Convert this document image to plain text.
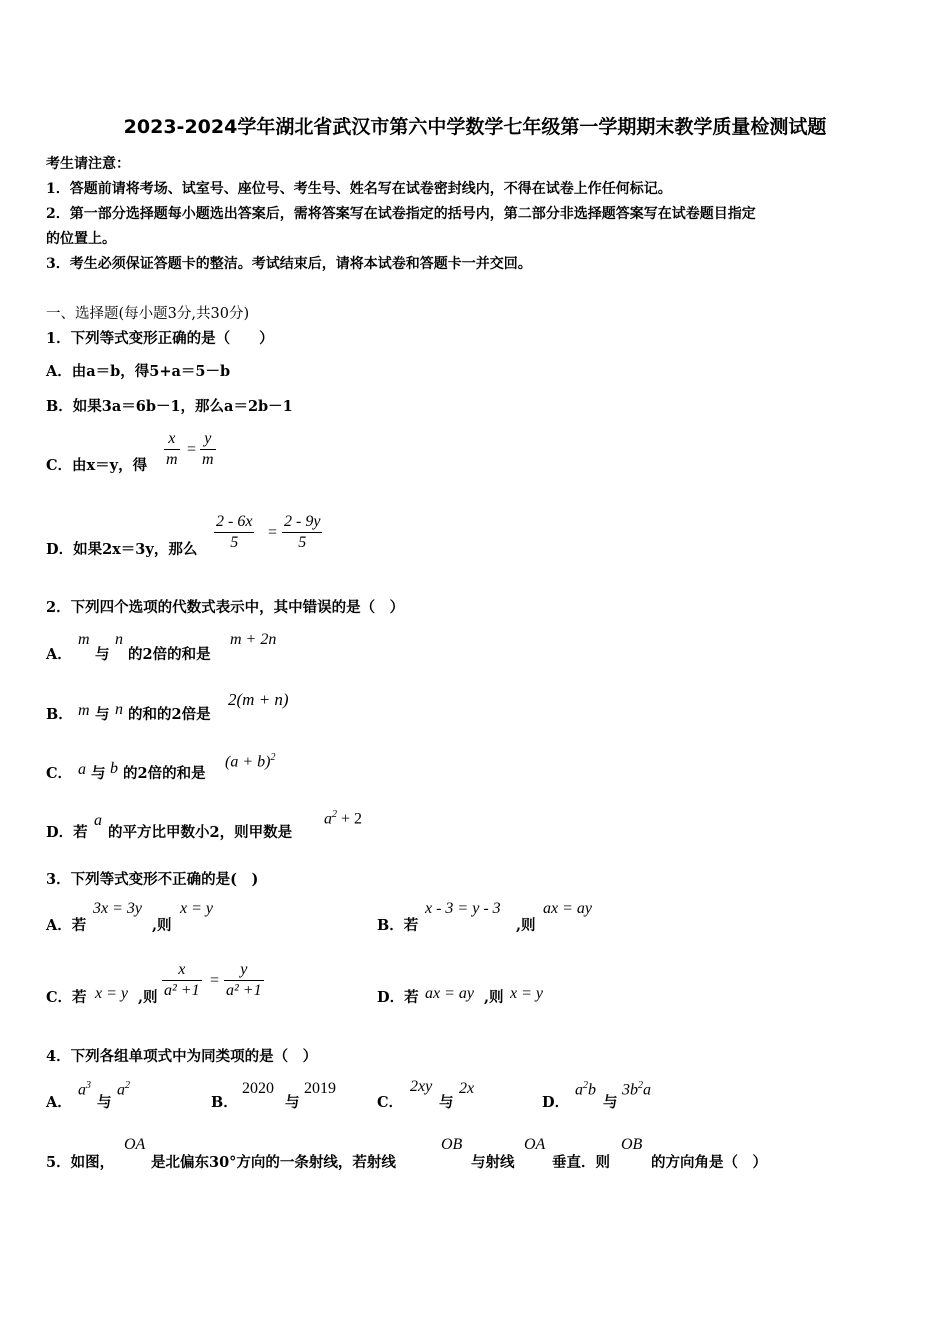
2023-2024学年湖北省武汉市第六中学数学七年级第一学期期末教学质量检测试题
考生请注意：
1．答题前请将考场、试室号、座位号、考生号、姓名写在试卷密封线内，不得在试卷上作任何标记。
2．第一部分选择题每小题选出答案后，需将答案写在试卷指定的括号内，第二部分非选择题答案写在试卷题目指定
的位置上。
3．考生必须保证答题卡的整洁。考试结束后，请将本试卷和答题卡一并交回。
一、选择题(每小题3分,共30分)
1．下列等式变形正确的是（　　）
A．由a＝b，得5+a＝5－b
B．如果3a＝6b－1，那么a＝2b－1
C．由x＝y，得
x
m
=
y
m
D．如果2x＝3y，那么
2 - 6x
5
=
2 - 9y
5
2．下列四个选项的代数式表示中，其中错误的是（　）
A．
m
与
n
的2倍的和是
m + 2n
B． m 与 n 的和的2倍是
2(m + n)
C． a 与 b 的2倍的和是
$(a + b)^2$
D．若
a
的平方比甲数小2，则甲数是
$a^2 + 2$
3．下列等式变形不正确的是(　)
A．若
3x = 3y
,则
x = y
B．若
x - 3 = y - 3
,则
ax = ay
C．若 x = y ,则
x
a² +1
=
y
a² +1	D．若 ax = ay ,则 x = y
4．下列各组单项式中为同类项的是（　）
A．
$a^3$
与
$a^2$
B．
2020
与
2019
C．
2xy
与
2x
D．
$a^2b$
与
$3b^2a$
5．如图，
OA
是北偏东30°方向的一条射线，若射线
OB
与射线
OA
垂直．则
OB
的方向角是（　）
